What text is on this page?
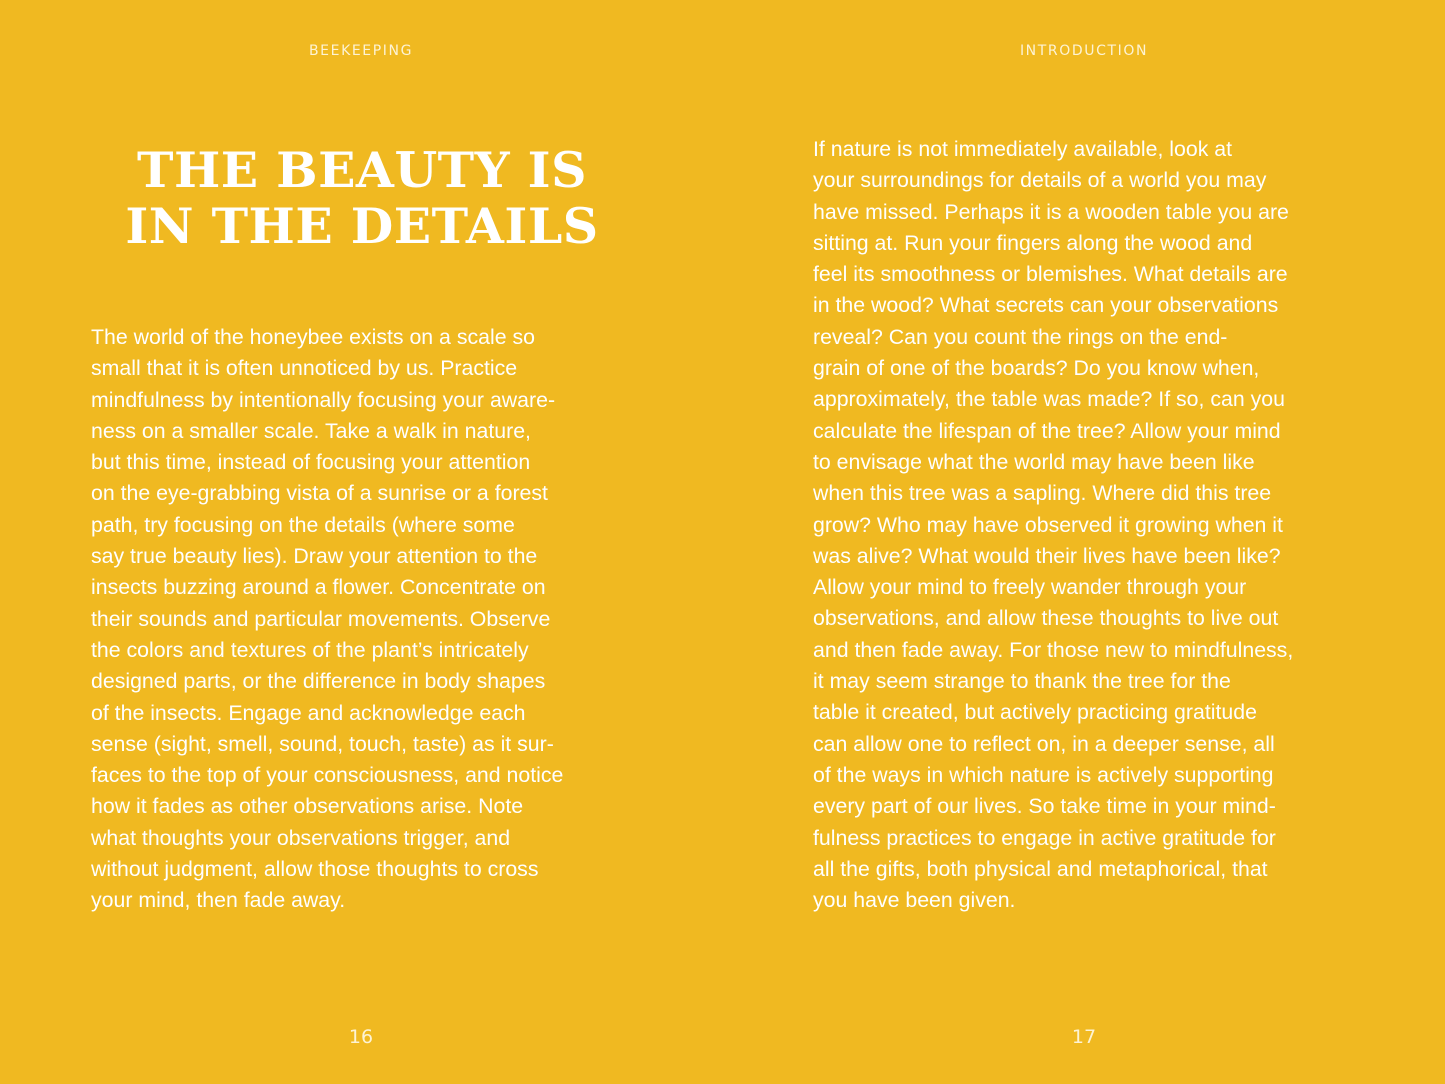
BEEKEEPING
THE BEAUTY IS
IN THE DETAILS

The world of the honeybee exists on a scale so
small that it is often unnoticed by us. Practice
mindfulness by intentionally focusing your aware-
ness on a smaller scale. Take a walk in nature,
but this time, instead of focusing your attention
on the eye-grabbing vista of a sunrise or a forest
path, try focusing on the details (where some
say true beauty lies). Draw your attention to the
insects buzzing around a flower. Concentrate on
their sounds and particular movements. Observe
the colors and textures of the plant’s intricately
designed parts, or the difference in body shapes
of the insects. Engage and acknowledge each
sense (sight, smell, sound, touch, taste) as it sur-
faces to the top of your consciousness, and notice
how it fades as other observations arise. Note
what thoughts your observations trigger, and
without judgment, allow those thoughts to cross
your mind, then fade away.

16
INTRODUCTION

If nature is not immediately available, look at
your surroundings for details of a world you may
have missed. Perhaps it is a wooden table you are
sitting at. Run your fingers along the wood and
feel its smoothness or blemishes. What details are
in the wood? What secrets can your observations
reveal? Can you count the rings on the end-
grain of one of the boards? Do you know when,
approximately, the table was made? If so, can you
calculate the lifespan of the tree? Allow your mind
to envisage what the world may have been like
when this tree was a sapling. Where did this tree
grow? Who may have observed it growing when it
was alive? What would their lives have been like?
Allow your mind to freely wander through your
observations, and allow these thoughts to live out
and then fade away. For those new to mindfulness,
it may seem strange to thank the tree for the
table it created, but actively practicing gratitude
can allow one to reflect on, in a deeper sense, all
of the ways in which nature is actively supporting
every part of our lives. So take time in your mind-
fulness practices to engage in active gratitude for
all the gifts, both physical and metaphorical, that
you have been given.

17
